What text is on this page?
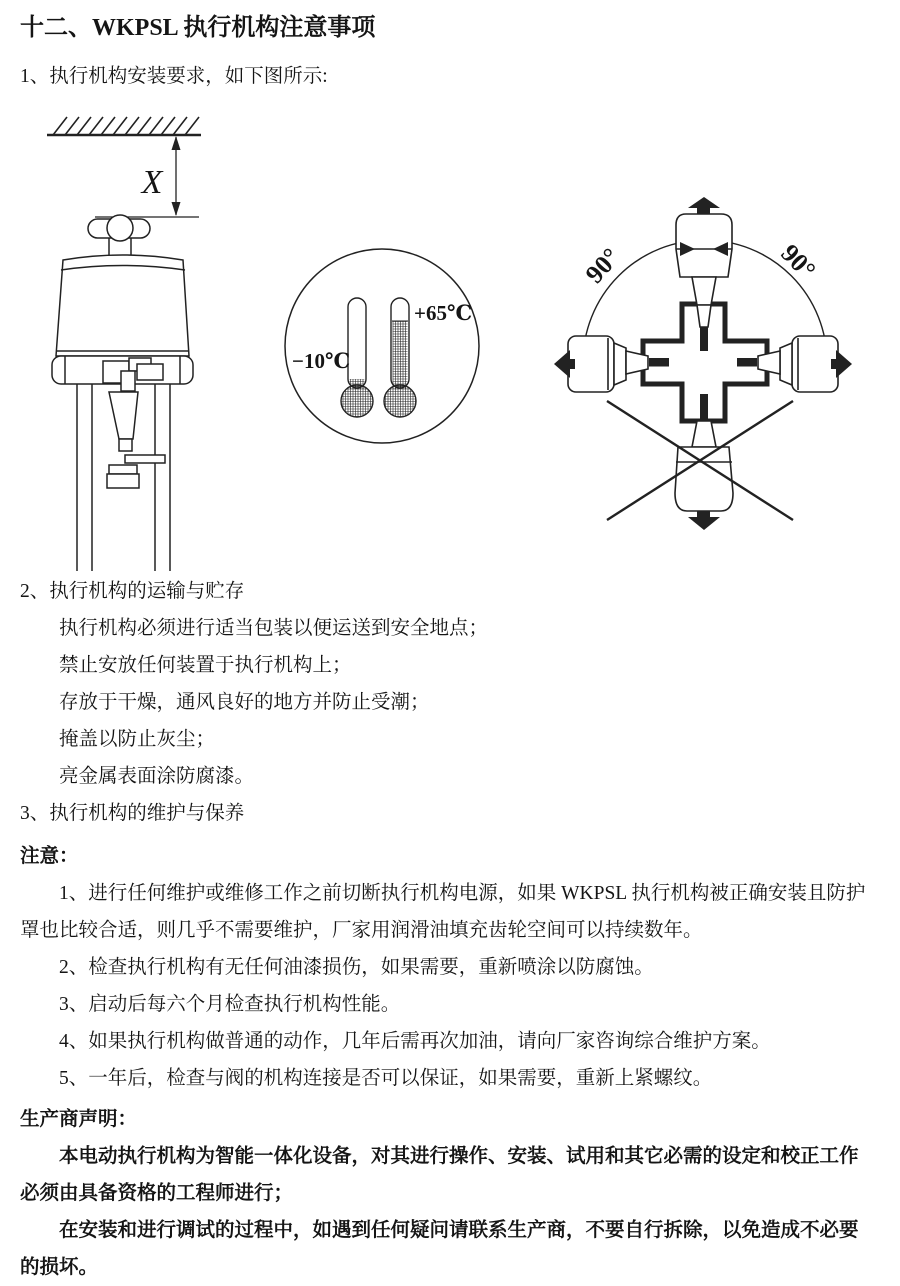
十二、WKPSL 执行机构注意事项

1、执行机构安装要求，如下图所示:

X
−10℃
+65℃
90°	90°

2、执行机构的运输与贮存

执行机构必须进行适当包装以便运送到安全地点；

禁止安放任何装置于执行机构上；

存放于干燥，通风良好的地方并防止受潮；

掩盖以防止灰尘；

亮金属表面涂防腐漆。

3、执行机构的维护与保养

注意：

1、进行任何维护或维修工作之前切断执行机构电源，如果 WKPSL 执行机构被正确安装且防护罩也比较合适，则几乎不需要维护，厂家用润滑油填充齿轮空间可以持续数年。

2、检查执行机构有无任何油漆损伤，如果需要，重新喷涂以防腐蚀。

3、启动后每六个月检查执行机构性能。

4、如果执行机构做普通的动作，几年后需再次加油，请向厂家咨询综合维护方案。

5、一年后，检查与阀的机构连接是否可以保证，如果需要，重新上紧螺纹。

生产商声明：

本电动执行机构为智能一体化设备，对其进行操作、安装、试用和其它必需的设定和校正工作必须由具备资格的工程师进行；

在安装和进行调试的过程中，如遇到任何疑问请联系生产商，不要自行拆除，以免造成不必要的损坏。
